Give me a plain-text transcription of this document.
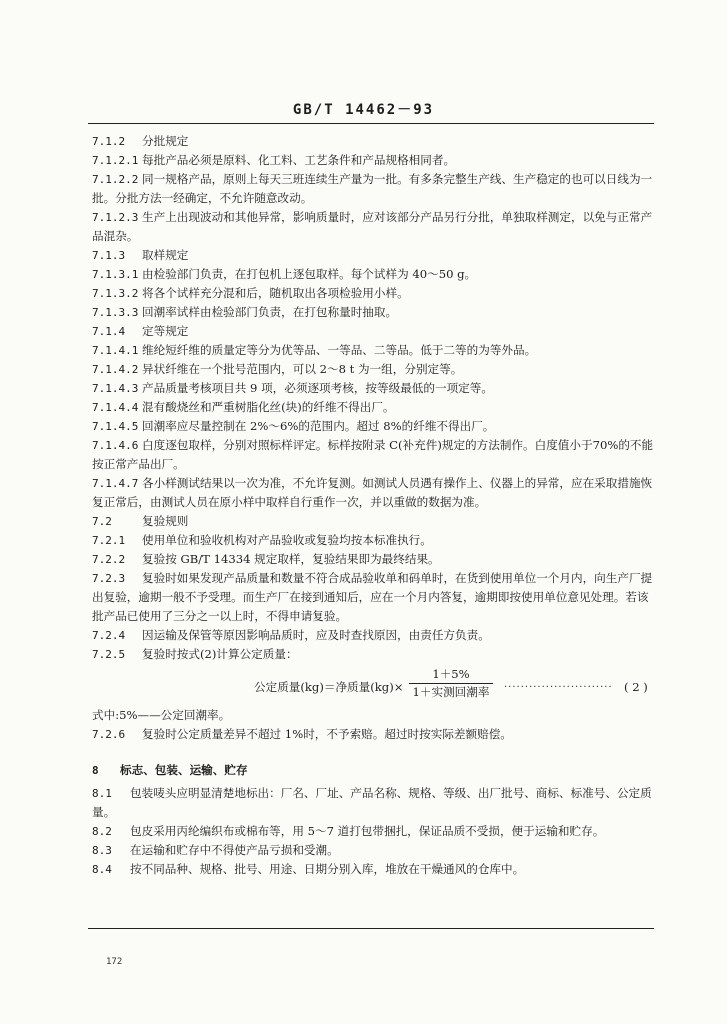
GB/T 14462－93

7.1.2 分批规定

7.1.2.1 每批产品必须是原料、化工料、工艺条件和产品规格相同者。

7.1.2.2 同一规格产品，原则上每天三班连续生产量为一批。有多条完整生产线、生产稳定的也可以日线为一批。分批方法一经确定，不允许随意改动。

7.1.2.3 生产上出现波动和其他异常，影响质量时，应对该部分产品另行分批，单独取样测定，以免与正常产品混杂。

7.1.3 取样规定

7.1.3.1 由检验部门负责，在打包机上逐包取样。每个试样为 40～50 g。

7.1.3.2 将各个试样充分混和后，随机取出各项检验用小样。

7.1.3.3 回潮率试样由检验部门负责，在打包称量时抽取。

7.1.4 定等规定

7.1.4.1 维纶短纤维的质量定等分为优等品、一等品、二等品。低于二等的为等外品。

7.1.4.2 异状纤维在一个批号范围内，可以 2～8 t 为一组，分别定等。

7.1.4.3 产品质量考核项目共 9 项，必须逐项考核，按等级最低的一项定等。

7.1.4.4 混有酸烧丝和严重树脂化丝(块)的纤维不得出厂。

7.1.4.5 回潮率应尽量控制在 2%～6%的范围内。超过 8%的纤维不得出厂。

7.1.4.6 白度逐包取样，分别对照标样评定。标样按附录 C(补充件)规定的方法制作。白度值小于70%的不能按正常产品出厂。

7.1.4.7 各小样测试结果以一次为准，不允许复测。如测试人员遇有操作上、仪器上的异常，应在采取措施恢复正常后，由测试人员在原小样中取样自行重作一次，并以重做的数据为准。

7.2	复验规则

7.2.1 使用单位和验收机构对产品验收或复验均按本标准执行。

7.2.2 复验按 GB/T 14334 规定取样，复验结果即为最终结果。

7.2.3 复验时如果发现产品质量和数量不符合成品验收单和码单时，在货到使用单位一个月内，向生产厂提出复验，逾期一般不予受理。而生产厂在接到通知后，应在一个月内答复，逾期即按使用单位意见处理。若该批产品已使用了三分之一以上时，不得申请复验。

7.2.4 因运输及保管等原因影响品质时，应及时查找原因，由责任方负责。

7.2.5 复验时按式(2)计算公定质量：

公定质量(kg)＝净质量(kg)×
1＋5%
1＋实测回潮率	·························· ( 2 )

式中:5%——公定回潮率。

7.2.6 复验时公定质量差异不超过 1%时，不予索赔。超过时按实际差额赔偿。

8 标志、包装、运输、贮存

8.1 包装唛头应明显清楚地标出：厂名、厂址、产品名称、规格、等级、出厂批号、商标、标准号、公定质量。

8.2 包皮采用丙纶编织布或棉布等，用 5～7 道打包带捆扎，保证品质不受损，便于运输和贮存。

8.3 在运输和贮存中不得使产品亏损和受潮。

8.4 按不同品种、规格、批号、用途、日期分别入库，堆放在干燥通风的仓库中。

172
